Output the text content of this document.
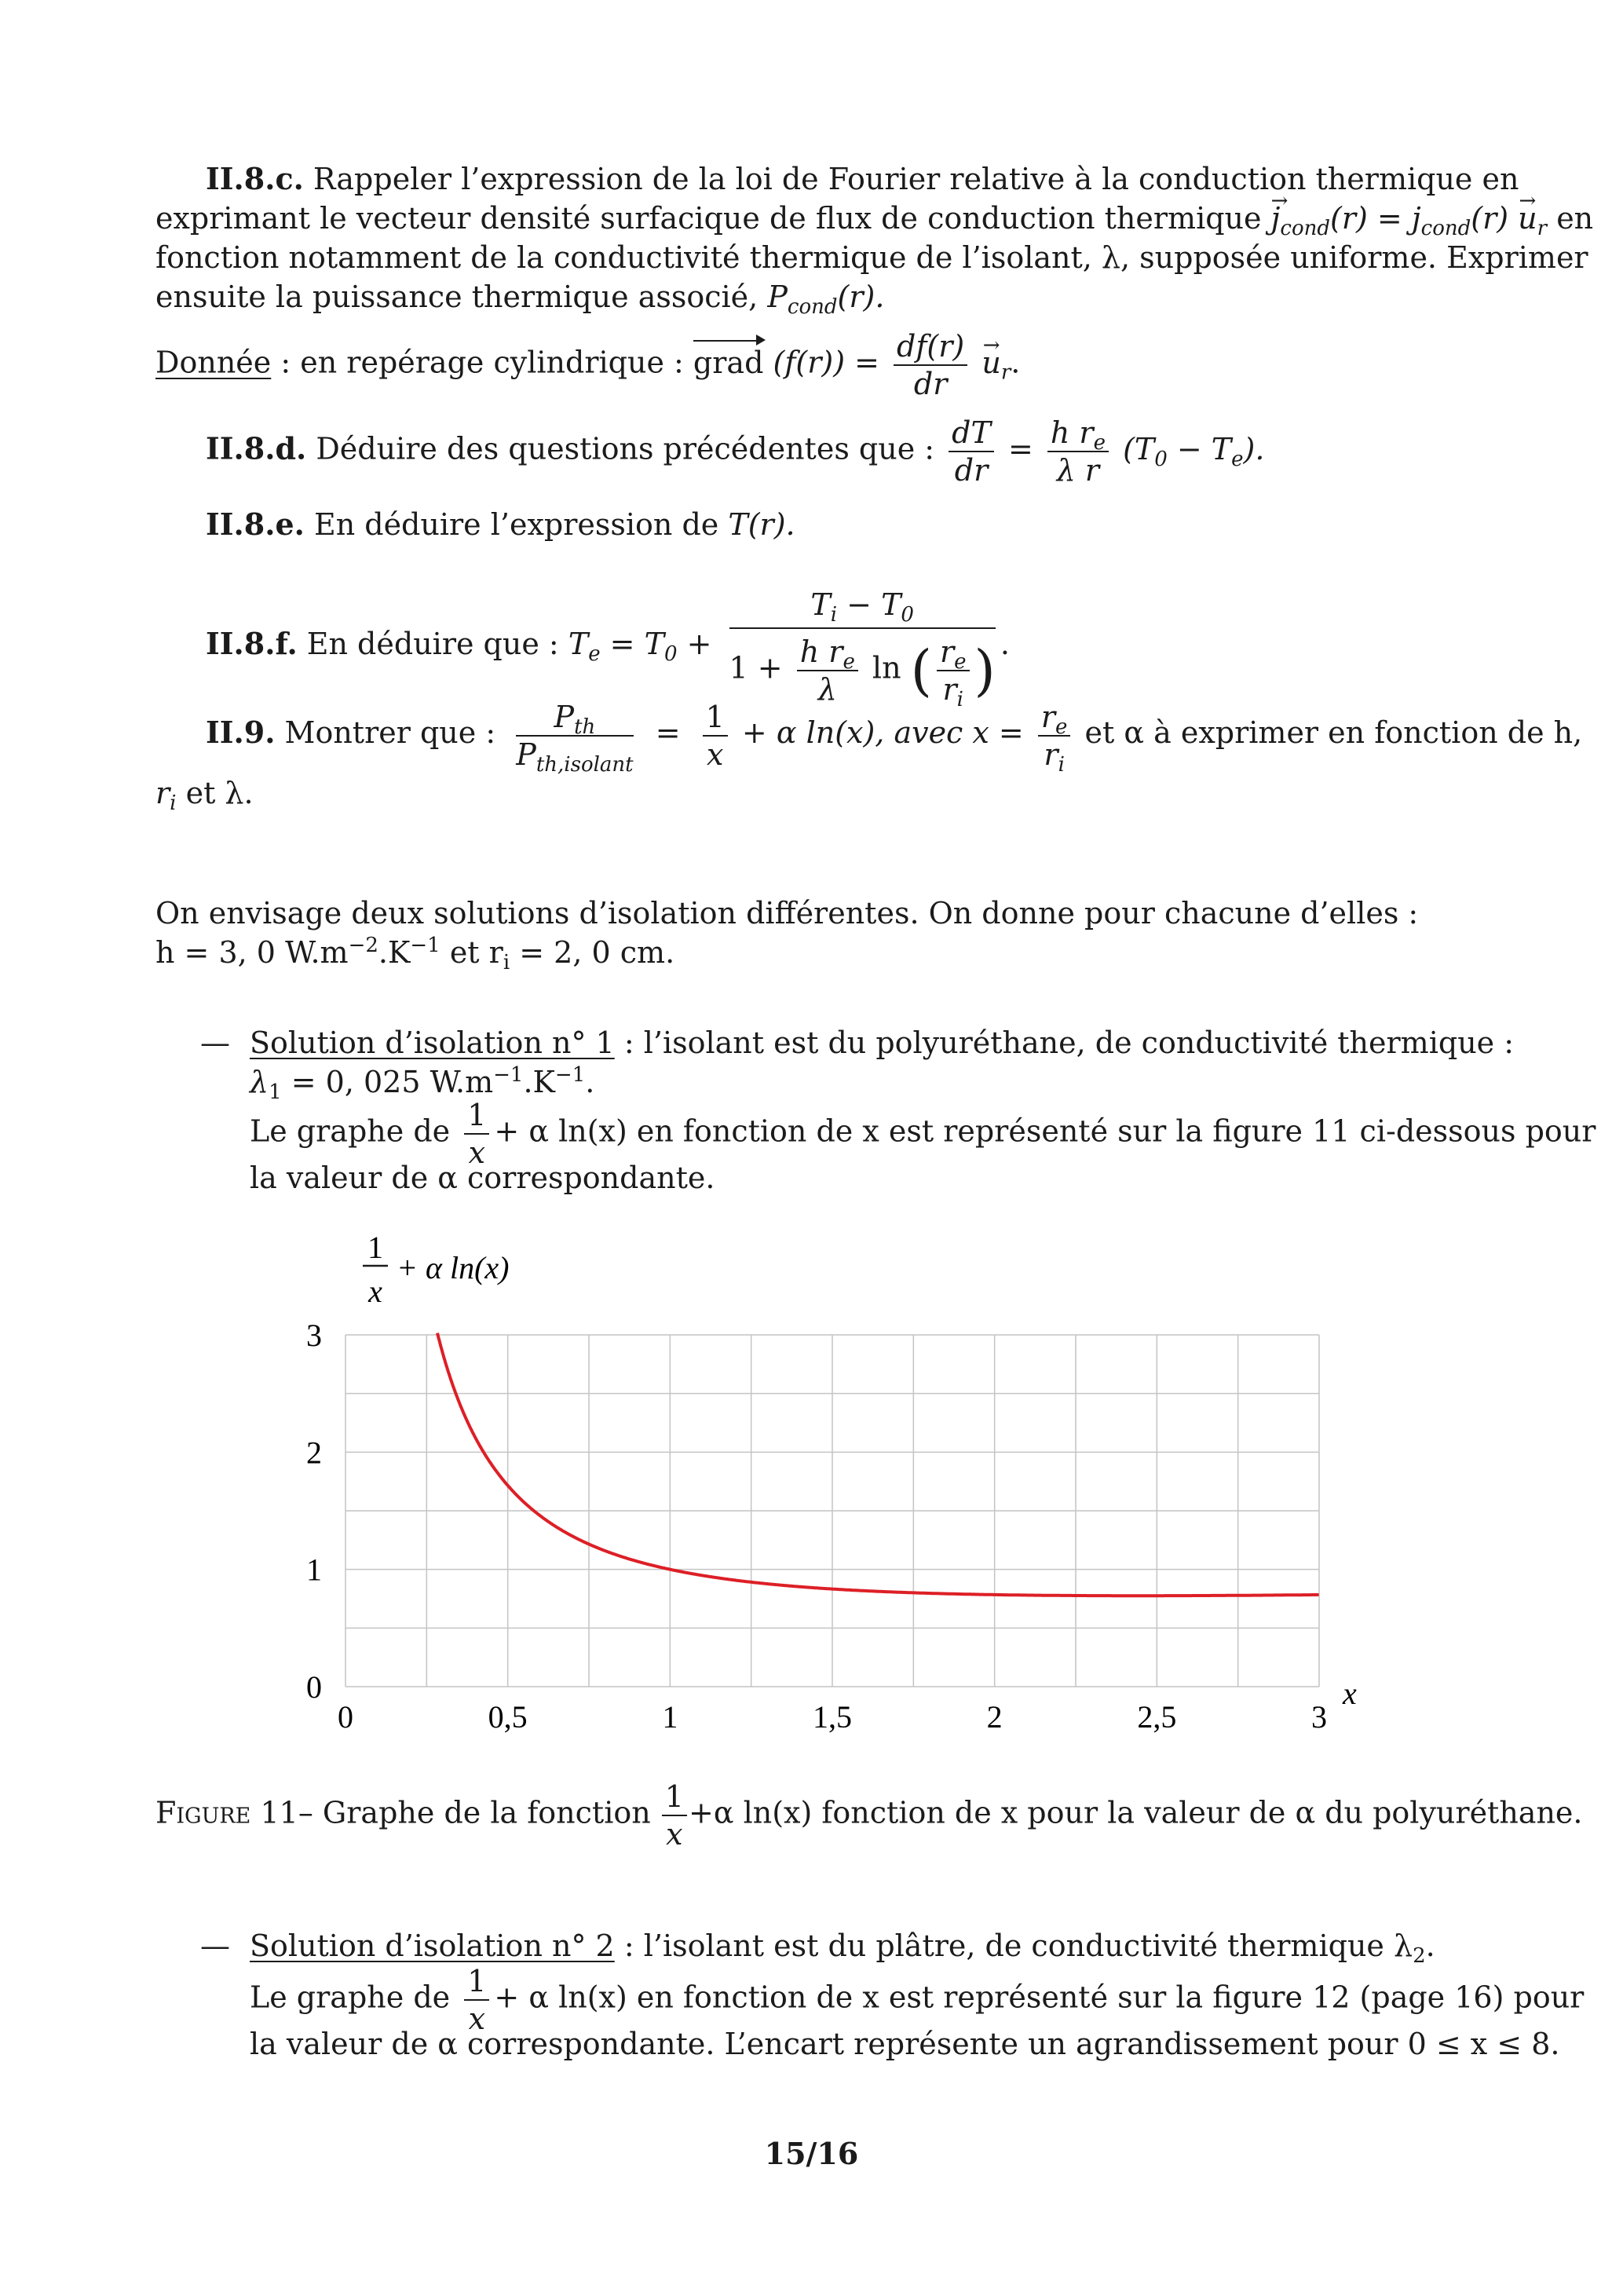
II.8.c. Rappeler l’expression de la loi de Fourier relative à la conduction thermique en
exprimant le vecteur densité surfacique de flux de conduction thermique → $j_{cond}(r) = j_{cond}(r) \to u_r$ en
fonction notamment de la conductivité thermique de l’isolant, λ, supposée uniforme. Exprimer
ensuite la puissance thermique associé, $P_{cond}(r)$.
Donnée : en repérage cylindrique : grad $(f(r)) = \frac{df(r)}{dr} \to u_r$.
II.8.d. Déduire des questions précédentes que : $\frac{dT}{dr} = \frac{h r_e}{\text{λ r}} (T_0 - T_e)$.
II.8.e. En déduire l’expression de T(r).
II.8.f. En déduire que : $T_e = T_0 + \frac{T_i - T_0}{1 + \frac{h r_e}{\lambda} \ln ( \frac{r_e}{r_i} )}$ .
II.9. Montrer que : $\frac{P_{th}}{P_{th,isolant}} = \frac{1}{x} + \alpha$ ln(x), avec $x = \frac{r_e}{r_i}$ et α à exprimer en fonction de h,
$r_i$ et λ.
On envisage deux solutions d’isolation différentes. On donne pour chacune d’elles :
h = 3, 0 $W.m^{-2}.K^{-1}$ et $r_i = 2$, 0 cm.
— Solution d’isolation n° 1 : l’isolant est du polyuréthane, de conductivité thermique :
$\lambda_1 = 0$, 025 $W.m^{-1}.K^{-1}$.
Le graphe de $\frac{1}{x} + \alpha$ ln(x) en fonction de x est représenté sur la figure 11 ci-dessous pour
la valeur de α correspondante.
1
x
+ α ln(x)
0	0,5	1	1,5	2	2,5	3
0
1
2
3
x
Figure 11– Graphe de la fonction $\frac{1}{x} +\alpha$ ln(x) fonction de x pour la valeur de α du polyuréthane.
— Solution d’isolation n° 2 : l’isolant est du plâtre, de conductivité thermique $\lambda_2$.
Le graphe de $\frac{1}{x} + \alpha$ ln(x) en fonction de x est représenté sur la figure 12 (page 16) pour
la valeur de α correspondante. L’encart représente un agrandissement pour 0 ≤ x ≤ 8.
15/16
